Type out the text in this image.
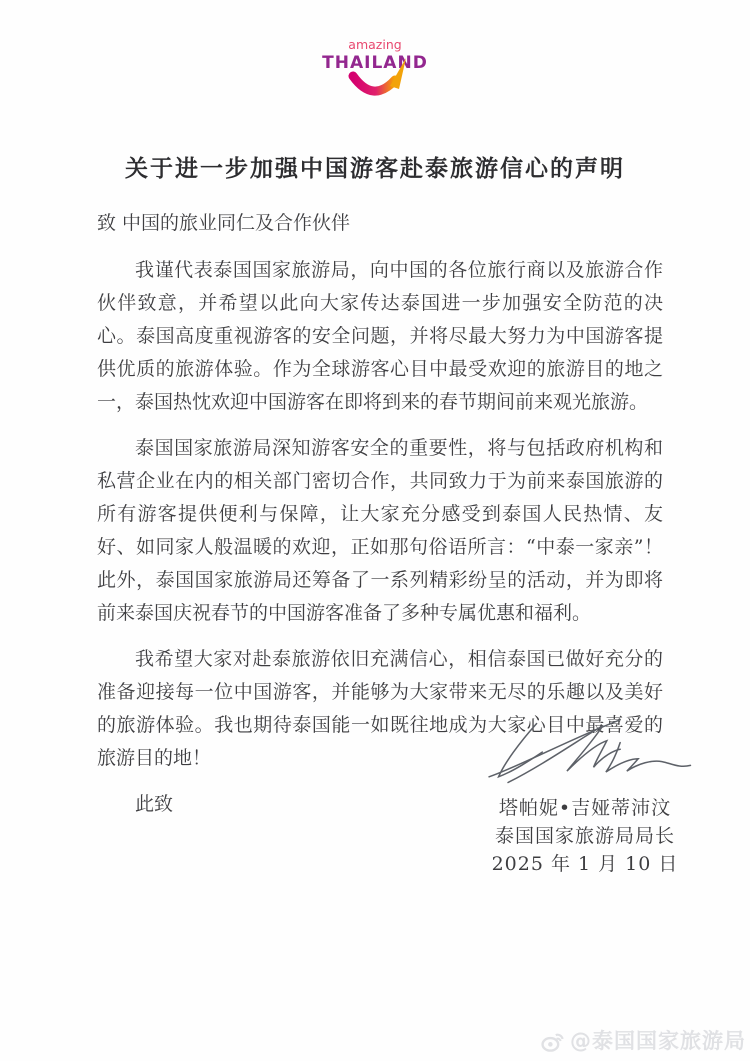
amazing
THAILAND
关于进一步加强中国游客赴泰旅游信心的声明

致 中国的旅业同仁及合作伙伴

我谨代表泰国国家旅游局，向中国的各位旅行商以及旅游合作伙伴致意，并希望以此向大家传达泰国进一步加强安全防范的决心。泰国高度重视游客的安全问题，并将尽最大努力为中国游客提供优质的旅游体验。作为全球游客心目中最受欢迎的旅游目的地之一，泰国热忱欢迎中国游客在即将到来的春节期间前来观光旅游。

泰国国家旅游局深知游客安全的重要性，将与包括政府机构和私营企业在内的相关部门密切合作，共同致力于为前来泰国旅游的所有游客提供便利与保障，让大家充分感受到泰国人民热情、友好、如同家人般温暖的欢迎，正如那句俗语所言：“中泰一家亲”！此外，泰国国家旅游局还筹备了一系列精彩纷呈的活动，并为即将前来泰国庆祝春节的中国游客准备了多种专属优惠和福利。

我希望大家对赴泰旅游依旧充满信心，相信泰国已做好充分的准备迎接每一位中国游客，并能够为大家带来无尽的乐趣以及美好的旅游体验。我也期待泰国能一如既往地成为大家心目中最喜爱的旅游目的地！

此致	塔帕妮•吉娅蒂沛汶

泰国国家旅游局局长

2025 年 1 月 10 日

@泰国国家旅游局
